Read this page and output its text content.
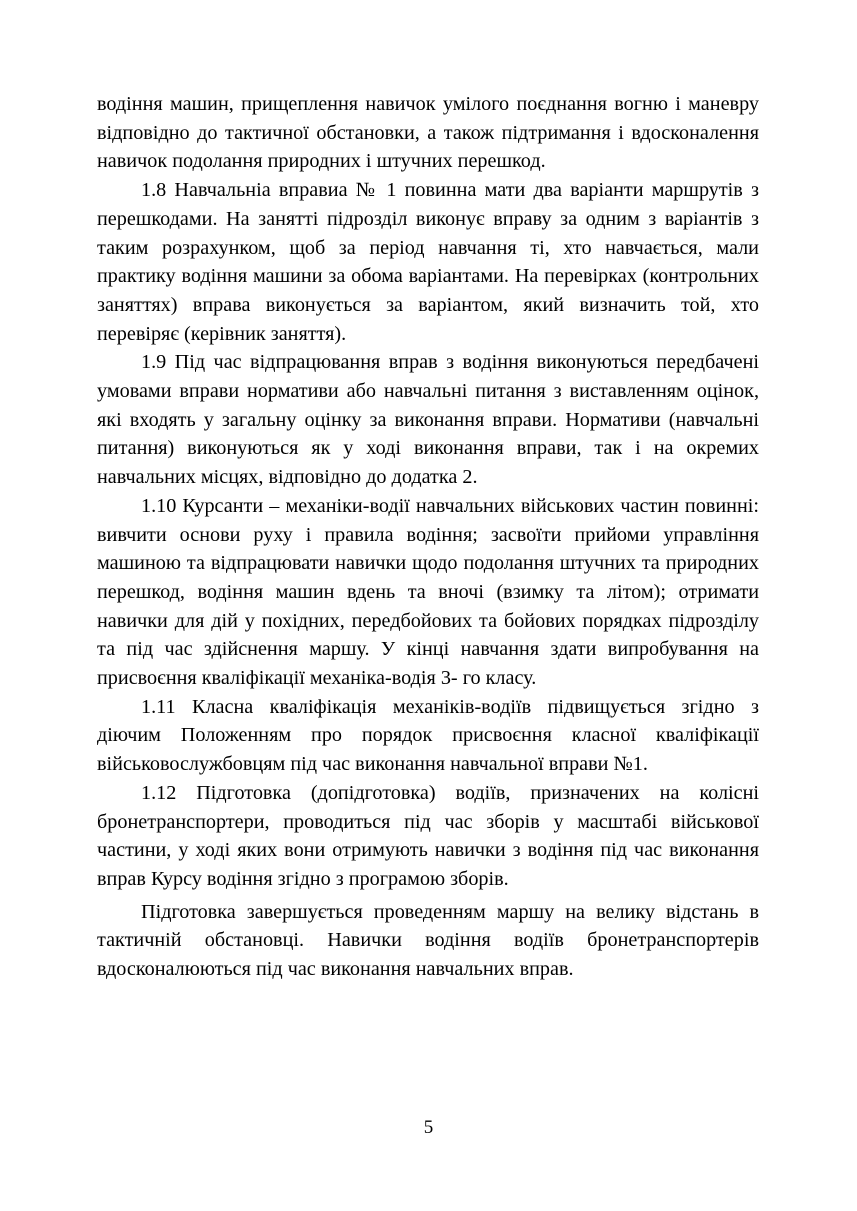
водіння машин, прищеплення навичок умілого поєднання вогню і маневру відповідно до тактичної обстановки, а також підтримання і вдосконалення навичок подолання природних і штучних перешкод.

1.8 Навчальніа вправиа № 1 повинна мати два варіанти маршрутів з перешкодами. На занятті підрозділ виконує вправу за одним з варіантів з таким розрахунком, щоб за період навчання ті, хто навчається, мали практику водіння машини за обома варіантами. На перевірках (контрольних заняттях) вправа виконується за варіантом, який визначить той, хто перевіряє (керівник заняття).

1.9 Під час відпрацювання вправ з водіння виконуються передбачені умовами вправи нормативи або навчальні питання з виставленням оцінок, які входять у загальну оцінку за виконання вправи. Нормативи (навчальні питання) виконуються як у ході виконання вправи, так і на окремих навчальних місцях, відповідно до додатка 2.

1.10 Курсанти – механіки-водії навчальних військових частин повинні: вивчити основи руху і правила водіння; засвоїти прийоми управління машиною та відпрацювати навички щодо подолання штучних та природних перешкод, водіння машин вдень та вночі (взимку та літом); отримати навички для дій у похідних, передбойових та бойових порядках підрозділу та під час здійснення маршу. У кінці навчання здати випробування на присвоєння кваліфікації механіка-водія 3- го класу.

1.11 Класна кваліфікація механіків-водіїв підвищується згідно з діючим Положенням про порядок присвоєння класної кваліфікації військовослужбовцям під час виконання навчальної вправи №1.

1.12 Підготовка (допідготовка) водіїв, призначених на колісні бронетранспортери, проводиться під час зборів у масштабі військової частини, у ході яких вони отримують навички з водіння під час виконання вправ Курсу водіння згідно з програмою зборів.

Підготовка завершується проведенням маршу на велику відстань в тактичній обстановці. Навички водіння водіїв бронетранспортерів вдосконалюються під час виконання навчальних вправ.

5
